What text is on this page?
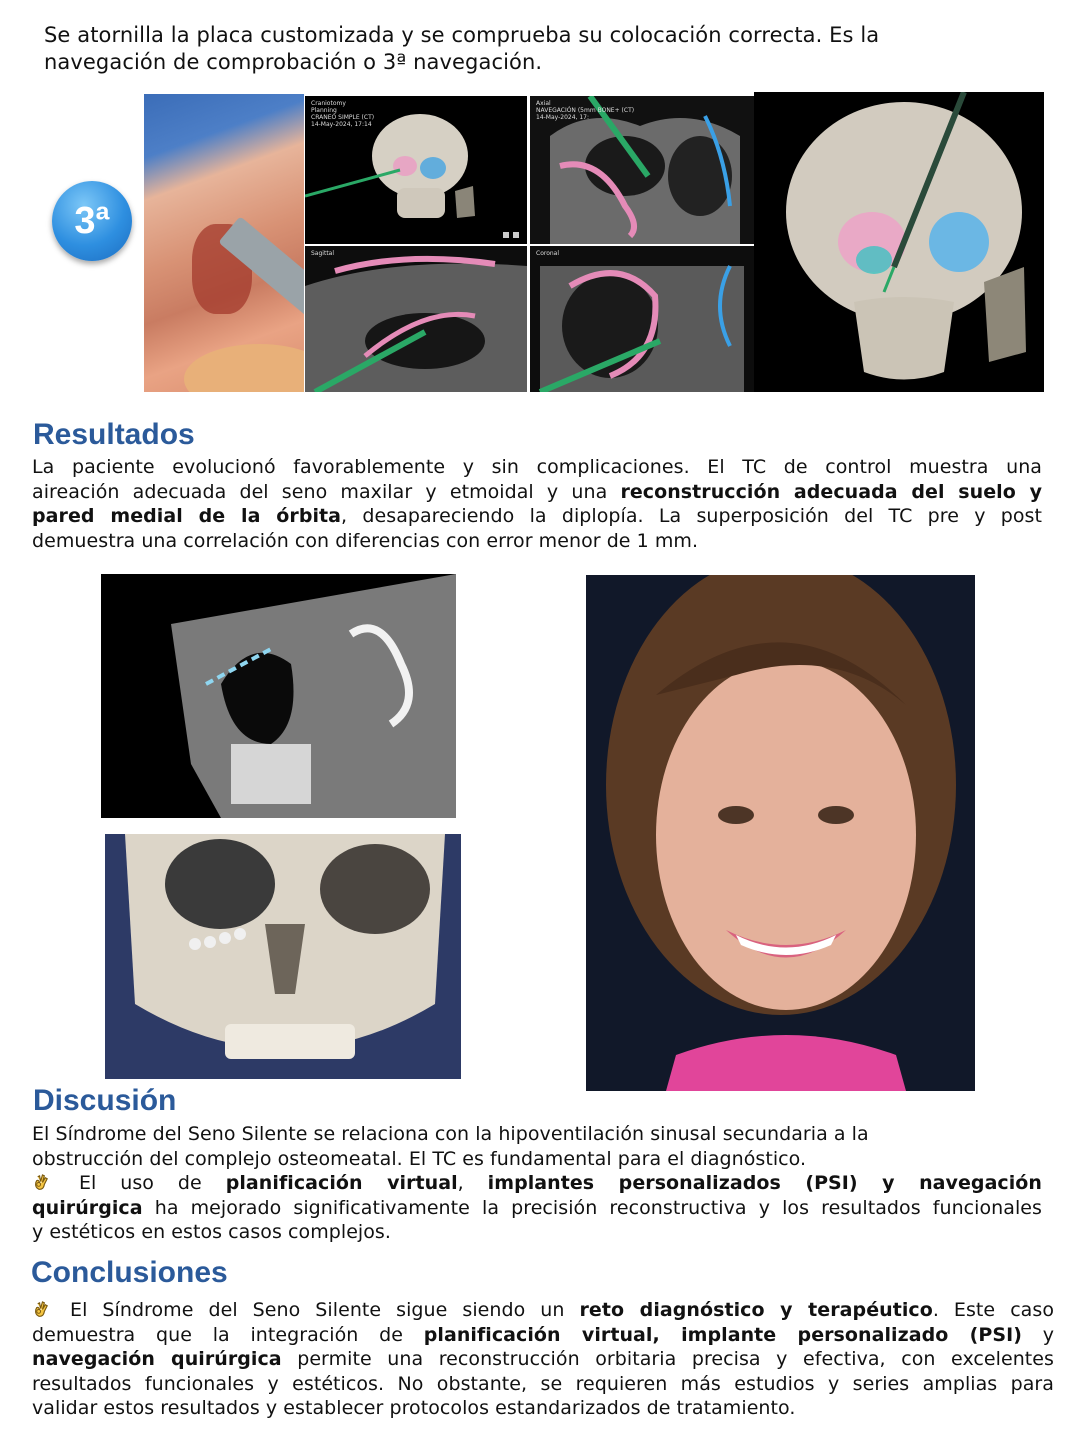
Se atornilla la placa customizada y se comprueba su colocación correcta. Es la
navegación de comprobación o 3ª navegación.
3ª
Craniotomy
Planning
CRANEO SIMPLE (CT)
14-May-2024, 17:14
Axial
NAVEGACIÓN (5mm BONE+ (CT)
14-May-2024, 17:
Sagittal	Coronal
Resultados
La paciente evolucionó favorablemente y sin complicaciones. El TC de control muestra una
aireación adecuada del seno maxilar y etmoidal y una reconstrucción adecuada del suelo y
pared medial de la órbita, desapareciendo la diplopía. La superposición del TC pre y post
demuestra una correlación con diferencias con error menor de 1 mm.
Discusión
El Síndrome del Seno Silente se relaciona con la hipoventilación sinusal secundaria a la
obstrucción del complejo osteomeatal. El TC es fundamental para el diagnóstico.
El uso de planificación virtual, implantes personalizados (PSI) y navegación
quirúrgica ha mejorado significativamente la precisión reconstructiva y los resultados funcionales
y estéticos en estos casos complejos.
Conclusiones
El Síndrome del Seno Silente sigue siendo un reto diagnóstico y terapéutico. Este caso
demuestra que la integración de planificación virtual, implante personalizado (PSI) y
navegación quirúrgica permite una reconstrucción orbitaria precisa y efectiva, con excelentes
resultados funcionales y estéticos. No obstante, se requieren más estudios y series amplias para
validar estos resultados y establecer protocolos estandarizados de tratamiento.
